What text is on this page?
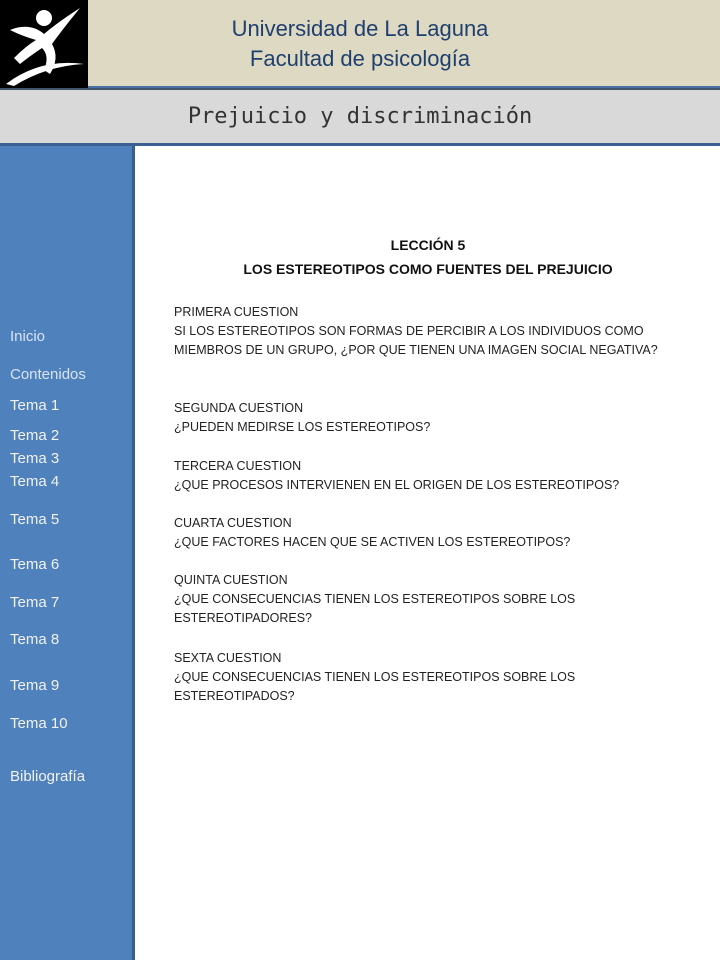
Universidad de La Laguna
Facultad de psicología
Prejuicio y discriminación
Inicio
Contenidos
Tema 1
Tema 2
Tema 3
Tema 4
Tema 5
Tema 6
Tema 7
Tema 8
Tema 9
Tema 10
Bibliografía
LECCIÓN 5
LOS ESTEREOTIPOS COMO FUENTES DEL PREJUICIO
PRIMERA CUESTION
SI LOS ESTEREOTIPOS SON FORMAS DE PERCIBIR A LOS INDIVIDUOS COMO MIEMBROS DE UN GRUPO, ¿POR QUE TIENEN UNA IMAGEN SOCIAL NEGATIVA?
SEGUNDA CUESTION
¿PUEDEN MEDIRSE LOS ESTEREOTIPOS?
TERCERA CUESTION
¿QUE PROCESOS INTERVIENEN EN EL ORIGEN DE LOS ESTEREOTIPOS?
CUARTA CUESTION
¿QUE FACTORES HACEN QUE SE ACTIVEN LOS ESTEREOTIPOS?
QUINTA CUESTION
¿QUE CONSECUENCIAS TIENEN LOS ESTEREOTIPOS SOBRE LOS ESTEREOTIPADORES?
SEXTA CUESTION
¿QUE CONSECUENCIAS TIENEN LOS ESTEREOTIPOS SOBRE LOS ESTEREOTIPADOS?
